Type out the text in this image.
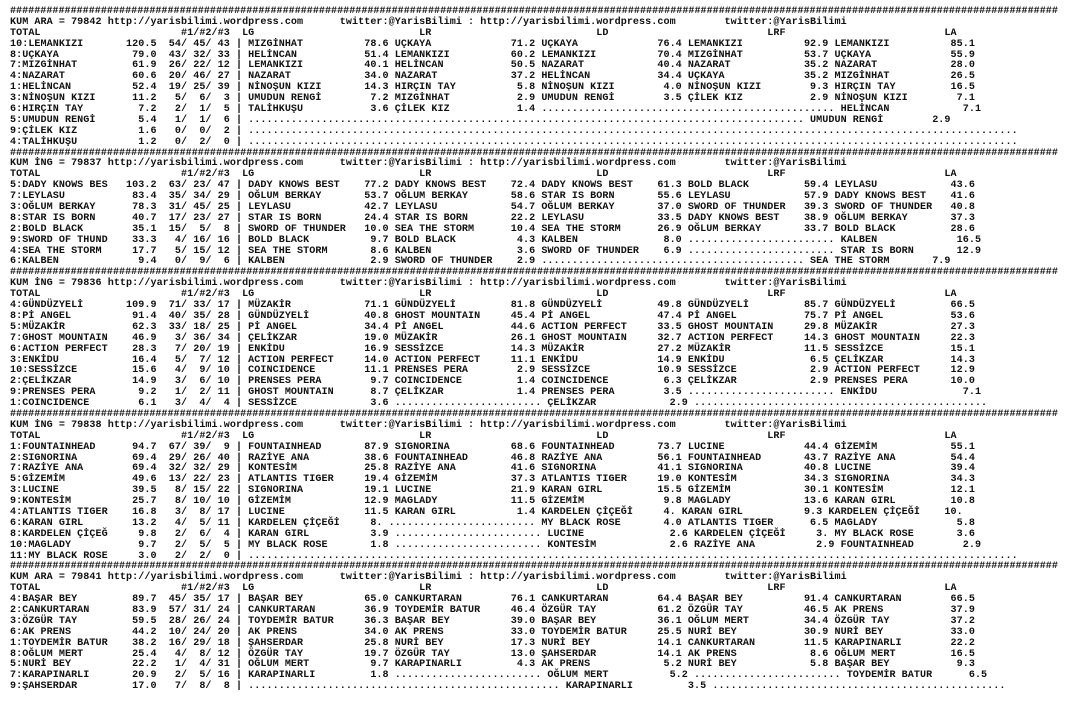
#############################################################################################################################################################################
KUM ARA = 79842 http://yarisbilimi.wordpress.com      twitter:@YarisBilimi : http://yarisbilimi.wordpress.com        twitter:@YarisBilimi
TOTAL                       #1/#2/#3  LG                           LR                           LD                          LRF                          LA
10:LEMANKIZI       120.5  54/ 45/ 43 | MIZGİNHAT          78.6 UÇKAYA             71.2 UÇKAYA             76.4 LEMANKIZI          92.9 LEMANKIZI          85.1
8:UÇKAYA            79.0  43/ 32/ 33 | HELİNCAN           51.4 LEMANKIZI          60.2 LEMANKIZI          70.4 MIZGİNHAT          53.7 UÇKAYA             55.9
7:MIZGİNHAT         61.9  26/ 22/ 12 | LEMANKIZI          40.1 HELİNCAN           50.5 NAZARAT            40.4 NAZARAT            35.2 NAZARAT            28.0
4:NAZARAT           60.6  20/ 46/ 27 | NAZARAT            34.0 NAZARAT            37.2 HELİNCAN           34.4 UÇKAYA             35.2 MIZGİNHAT          26.5
1:HELİNCAN          52.4  19/ 25/ 39 | NİNOŞUN KIZI       14.3 HIRÇIN TAY          5.8 NİNOŞUN KIZI        4.0 NİNOŞUN KIZI        9.3 HIRÇIN TAY         16.5
3:NİNOŞUN KIZI      11.2   5/  6/  3 | UMUDUN RENGİ        7.2 MIZGİNHAT           2.9 UMUDUN RENGİ        3.5 ÇİLEK KIZ           2.9 NİNOŞUN KIZI        7.1
6:HIRÇIN TAY         7.2   2/  1/  5 | TALİHKUŞU           3.6 ÇİLEK KIZ           1.4 ................................................ HELİNCAN            7.1
5:UMUDUN RENGİ       5.4   1/  1/  6 | ........................................................................................... UMUDUN RENGİ        2.9
9:ÇİLEK KIZ          1.6   0/  0/  2 | ..............................................................................................................................
4:TALİHKUŞU          1.2   0/  2/  0 | ..............................................................................................................................
#############################################################################################################################################################################
KUM İNG = 79837 http://yarisbilimi.wordpress.com      twitter:@YarisBilimi : http://yarisbilimi.wordpress.com        twitter:@YarisBilimi
TOTAL                       #1/#2/#3  LG                           LR                           LD                          LRF                          LA
5:DADY KNOWS BES   103.2  63/ 23/ 47 | DADY KNOWS BEST    77.2 DADY KNOWS BEST    72.4 DADY KNOWS BEST    61.3 BOLD BLACK         59.4 LEYLASU            43.6
7:LEYLASU           83.4  35/ 34/ 29 | OĞLUM BERKAY       53.7 OĞLUM BERKAY       58.6 STAR IS BORN       55.6 LEYLASU            57.9 DADY KNOWS BEST    41.6
3:OĞLUM BERKAY      78.3  31/ 45/ 25 | LEYLASU            42.7 LEYLASU            54.7 OĞLUM BERKAY       37.0 SWORD OF THUNDER   39.3 SWORD OF THUNDER   40.8
8:STAR IS BORN      40.7  17/ 23/ 27 | STAR IS BORN       24.4 STAR IS BORN       22.2 LEYLASU            33.5 DADY KNOWS BEST    38.9 OĞLUM BERKAY       37.3
2:BOLD BLACK        35.1  15/  5/  8 | SWORD OF THUNDER   10.0 SEA THE STORM      10.4 SEA THE STORM      26.9 OĞLUM BERKAY       33.7 BOLD BLACK         28.6
9:SWORD OF THUND    33.3   4/ 16/ 16 | BOLD BLACK          9.7 BOLD BLACK          4.3 KALBEN              8.0 ........................ KALBEN             16.5
4:SEA THE STORM     17.7   5/ 15/ 12 | SEA THE STORM       8.6 KALBEN              3.6 SWORD OF THUNDER    6.9 ........................ STAR IS BORN       12.9
6:KALBEN             9.4   0/  9/  6 | KALBEN              2.9 SWORD OF THUNDER    2.9 ........................................... SEA THE STORM       7.9
#############################################################################################################################################################################
KUM İNG = 79836 http://yarisbilimi.wordpress.com      twitter:@YarisBilimi : http://yarisbilimi.wordpress.com        twitter:@YarisBilimi
TOTAL                       #1/#2/#3  LG                           LR                           LD                          LRF                          LA
4:GÜNDÜZYELİ       109.9  71/ 33/ 17 | MÜZAKİR            71.1 GÜNDÜZYELİ         81.8 GÜNDÜZYELİ         49.8 GÜNDÜZYELİ         85.7 GÜNDÜZYELİ         66.5
8:Pİ ANGEL          91.4  40/ 35/ 28 | GÜNDÜZYELİ         40.8 GHOST MOUNTAIN     45.4 Pİ ANGEL           47.4 Pİ ANGEL           75.7 Pİ ANGEL           53.6
5:MÜZAKİR           62.3  33/ 18/ 25 | Pİ ANGEL           34.4 Pİ ANGEL           44.6 ACTION PERFECT     33.5 GHOST MOUNTAIN     29.8 MÜZAKİR            27.3
7:GHOST MOUNTAIN    46.9   3/ 36/ 34 | ÇELİKZAR           19.0 MÜZAKİR            26.1 GHOST MOUNTAIN     32.7 ACTION PERFECT     14.3 GHOST MOUNTAIN     22.3
6:ACTION PERFECT    28.3   7/ 20/ 19 | ENKİDU             16.9 SESSİZCE           14.3 MÜZAKİR            27.2 MÜZAKİR            11.5 SESSİZCE           15.1
3:ENKİDU            16.4   5/  7/ 12 | ACTION PERFECT     14.0 ACTION PERFECT     11.1 ENKİDU             14.9 ENKİDU              6.5 ÇELİKZAR           14.3
10:SESSİZCE         15.6   4/  9/ 10 | COINCIDENCE        11.1 PRENSES PERA        2.9 SESSİZCE           10.9 SESSİZCE            2.9 ACTION PERFECT     12.9
2:ÇELİKZAR          14.9   3/  6/ 10 | PRENSES PERA        9.7 COINCIDENCE         1.4 COINCIDENCE         6.3 ÇELİKZAR            2.9 PRENSES PERA       10.0
9:PRENSES PERA       9.2   1/  2/ 11 | GHOST MOUNTAIN      8.7 ÇELİKZAR            1.4 PRENSES PERA        3.5 ........................ ENKİDU              7.1
1:COINCIDENCE        6.1   3/  4/  4 | SESSİZCE            3.6 ........................ ÇELİKZAR            2.9 ................................................
#############################################################################################################################################################################
KUM İNG = 79838 http://yarisbilimi.wordpress.com      twitter:@YarisBilimi : http://yarisbilimi.wordpress.com        twitter:@YarisBilimi
TOTAL                       #1/#2/#3  LG                           LR                           LD                          LRF                          LA
1:FOUNTAINHEAD      94.7  67/ 39/  9 | FOUNTAINHEAD       87.9 SIGNORINA          68.6 FOUNTAINHEAD       73.7 LUCINE             44.4 GİZEMİM            55.1
2:SIGNORINA         69.4  29/ 26/ 40 | RAZİYE ANA         38.6 FOUNTAINHEAD       46.8 RAZİYE ANA         56.1 FOUNTAINHEAD       43.7 RAZİYE ANA         54.4
7:RAZİYE ANA        69.4  32/ 32/ 29 | KONTESİM           25.8 RAZİYE ANA         41.6 SIGNORINA          41.1 SIGNORINA          40.8 LUCINE             39.4
5:GİZEMİM           49.6  13/ 22/ 23 | ATLANTIS TIGER     19.4 GİZEMİM            37.3 ATLANTIS TIGER     19.0 KONTESİM           34.3 SIGNORINA          34.3
3:LUCINE            39.5   8/ 15/ 22 | SIGNORINA          19.1 LUCINE             21.9 KARAN GIRL         15.5 GİZEMİM            30.1 KONTESİM           12.1
9:KONTESİM          25.7   8/ 10/ 10 | GİZEMİM            12.9 MAGLADY            11.5 GİZEMİM             9.8 MAGLADY            13.6 KARAN GIRL         10.8
4:ATLANTIS TIGER    16.8   3/  8/ 17 | LUCINE             11.5 KARAN GIRL          1.4 KARDELEN ÇİÇEĞİ     4. KARAN GIRL          9.3 KARDELEN ÇİÇEĞİ    10.
6:KARAN GIRL        13.2   4/  5/ 11 | KARDELEN ÇİÇEĞİ     8. ........................ MY BLACK ROSE       4.0 ATLANTIS TIGER      6.5 MAGLADY             5.8
8:KARDELEN ÇİÇEĞ     9.8   2/  6/  4 | KARAN GIRL          3.9 ........................ LUCINE              2.6 KARDELEN ÇİÇEĞİ     3. MY BLACK ROSE       3.6
10:MAGLADY           9.7   2/  5/  5 | MY BLACK ROSE       1.8 ........................ KONTESİM            2.6 RAZİYE ANA          2.9 FOUNTAINHEAD        2.9
11:MY BLACK ROSE     3.0   2/  2/  0 | ..............................................................................................................................
#############################################################################################################################################################################
KUM ARA = 79841 http://yarisbilimi.wordpress.com      twitter:@YarisBilimi : http://yarisbilimi.wordpress.com        twitter:@YarisBilimi
TOTAL                       #1/#2/#3  LG                           LR                           LD                          LRF                          LA
4:BAŞAR BEY         89.7  45/ 35/ 17 | BAŞAR BEY          65.0 CANKURTARAN        76.1 CANKURTARAN        64.4 BAŞAR BEY          91.4 CANKURTARAN        66.5
2:CANKURTARAN       83.9  57/ 31/ 24 | CANKURTARAN        36.9 TOYDEMİR BATUR     46.4 ÖZGÜR TAY          61.2 ÖZGÜR TAY          46.5 AK PRENS           37.9
3:ÖZGÜR TAY         59.5  28/ 26/ 24 | TOYDEMİR BATUR     36.3 BAŞAR BEY          39.0 BAŞAR BEY          36.1 OĞLUM MERT         34.4 ÖZGÜR TAY          37.2
6:AK PRENS          44.2  10/ 24/ 20 | AK PRENS           34.0 AK PRENS           33.0 TOYDEMİR BATUR     25.5 NURİ BEY           30.9 NURİ BEY           33.0
1:TOYDEMİR BATUR    38.2  16/ 29/ 18 | ŞAHSERDAR          25.8 NURİ BEY           17.3 NURİ BEY           14.1 CANKURTARAN        11.5 KARAPINARLI        22.2
8:OĞLUM MERT        25.4   4/  8/ 12 | ÖZGÜR TAY          19.7 ÖZGÜR TAY          13.0 ŞAHSERDAR          14.1 AK PRENS            8.6 OĞLUM MERT         16.5
5:NURİ BEY          22.2   1/  4/ 31 | OĞLUM MERT          9.7 KARAPINARLI         4.3 AK PRENS            5.2 NURİ BEY            5.8 BAŞAR BEY           9.3
7:KARAPINARLI       20.9   2/  5/ 16 | KARAPINARLI         1.8 ........................ OĞLUM MERT          5.2 ........................ TOYDEMİR BATUR      6.5
9:ŞAHSERDAR         17.0   7/  8/  8 | ................................................... KARAPINARLI         3.5 ................................................
